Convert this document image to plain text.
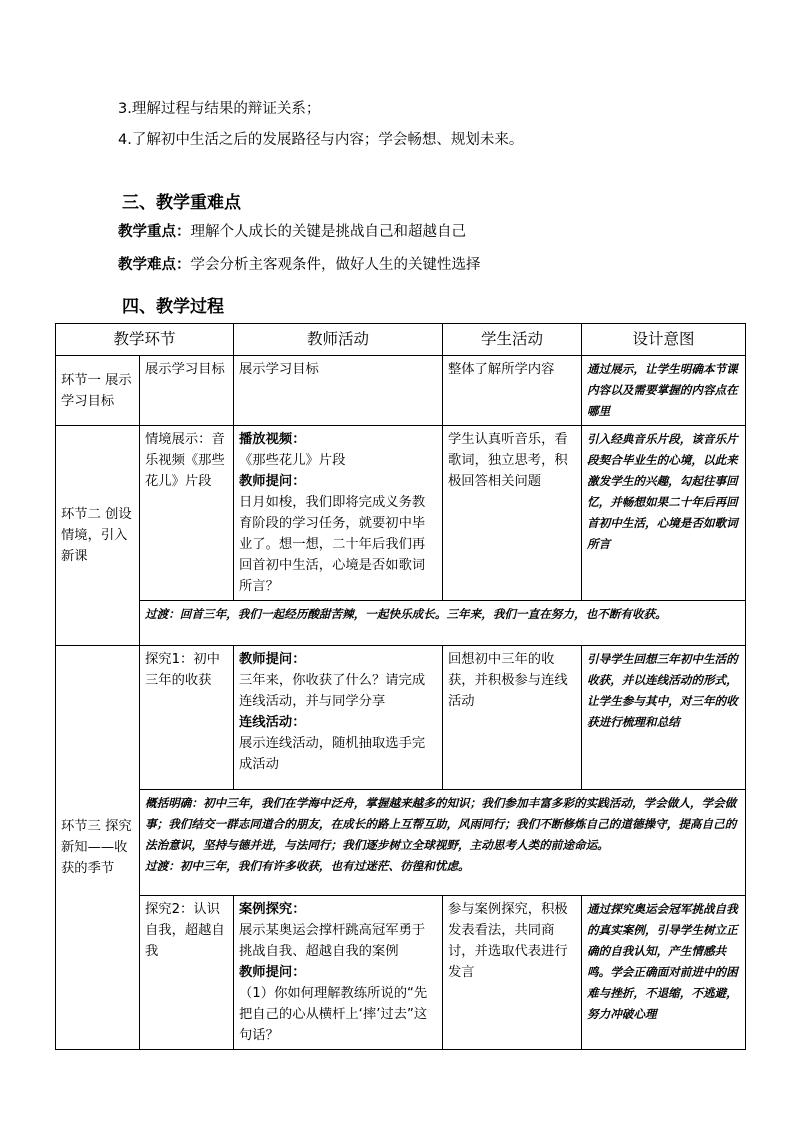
3.理解过程与结果的辩证关系；
4.了解初中生活之后的发展路径与内容；学会畅想、规划未来。
三、教学重难点
教学重点：理解个人成长的关键是挑战自己和超越自己
教学难点：学会分析主客观条件，做好人生的关键性选择
四、教学过程
教学环节		教师活动	学生活动	设计意图
环节一 展示学习目标	展示学习目标	展示学习目标	整体了解所学内容	通过展示，让学生明确本节课内容以及需要掌握的内容点在哪里
环节二 创设情境，引入新课	情境展示：音乐视频《那些花儿》片段	播放视频：
《那些花儿》片段
教师提问：
日月如梭，我们即将完成义务教育阶段的学习任务，就要初中毕业了。想一想，二十年后我们再回首初中生活，心境是否如歌词所言？	学生认真听音乐，看歌词，独立思考，积极回答相关问题	引入经典音乐片段，该音乐片段契合毕业生的心境，以此来激发学生的兴趣，勾起往事回忆，并畅想如果二十年后再回首初中生活，心境是否如歌词所言
	过渡：回首三年，我们一起经历酸甜苦辣，一起快乐成长。三年来，我们一直在努力，也不断有收获。			
环节三 探究新知——收获的季节	探究1：初中三年的收获	教师提问：
三年来，你收获了什么？请完成连线活动，并与同学分享
连线活动：
展示连线活动，随机抽取选手完成活动	回想初中三年的收获，并积极参与连线活动	引导学生回想三年初中生活的收获，并以连线活动的形式，让学生参与其中，对三年的收获进行梳理和总结

	概括明确：初中三年，我们在学海中泛舟，掌握越来越多的知识；我们参加丰富多彩的实践活动，学会做人，学会做事；我们结交一群志同道合的朋友，在成长的路上互帮互助，风雨同行；我们不断修炼自己的道德操守，提高自己的法治意识，坚持与德并进，与法同行；我们逐步树立全球视野，主动思考人类的前途命运。
过渡：初中三年，我们有许多收获，也有过迷茫、彷徨和忧虑。			

	探究2：认识自我，超越自我	案例探究：
展示某奥运会撑杆跳高冠军勇于挑战自我、超越自我的案例
教师提问：
（1）你如何理解教练所说的“先把自己的心从横杆上‘摔’过去”这句话？	参与案例探究，积极发表看法，共同商讨，并选取代表进行发言	通过探究奥运会冠军挑战自我的真实案例，引导学生树立正确的自我认知，产生情感共鸣。学会正确面对前进中的困难与挫折，不退缩，不逃避，努力冲破心理
